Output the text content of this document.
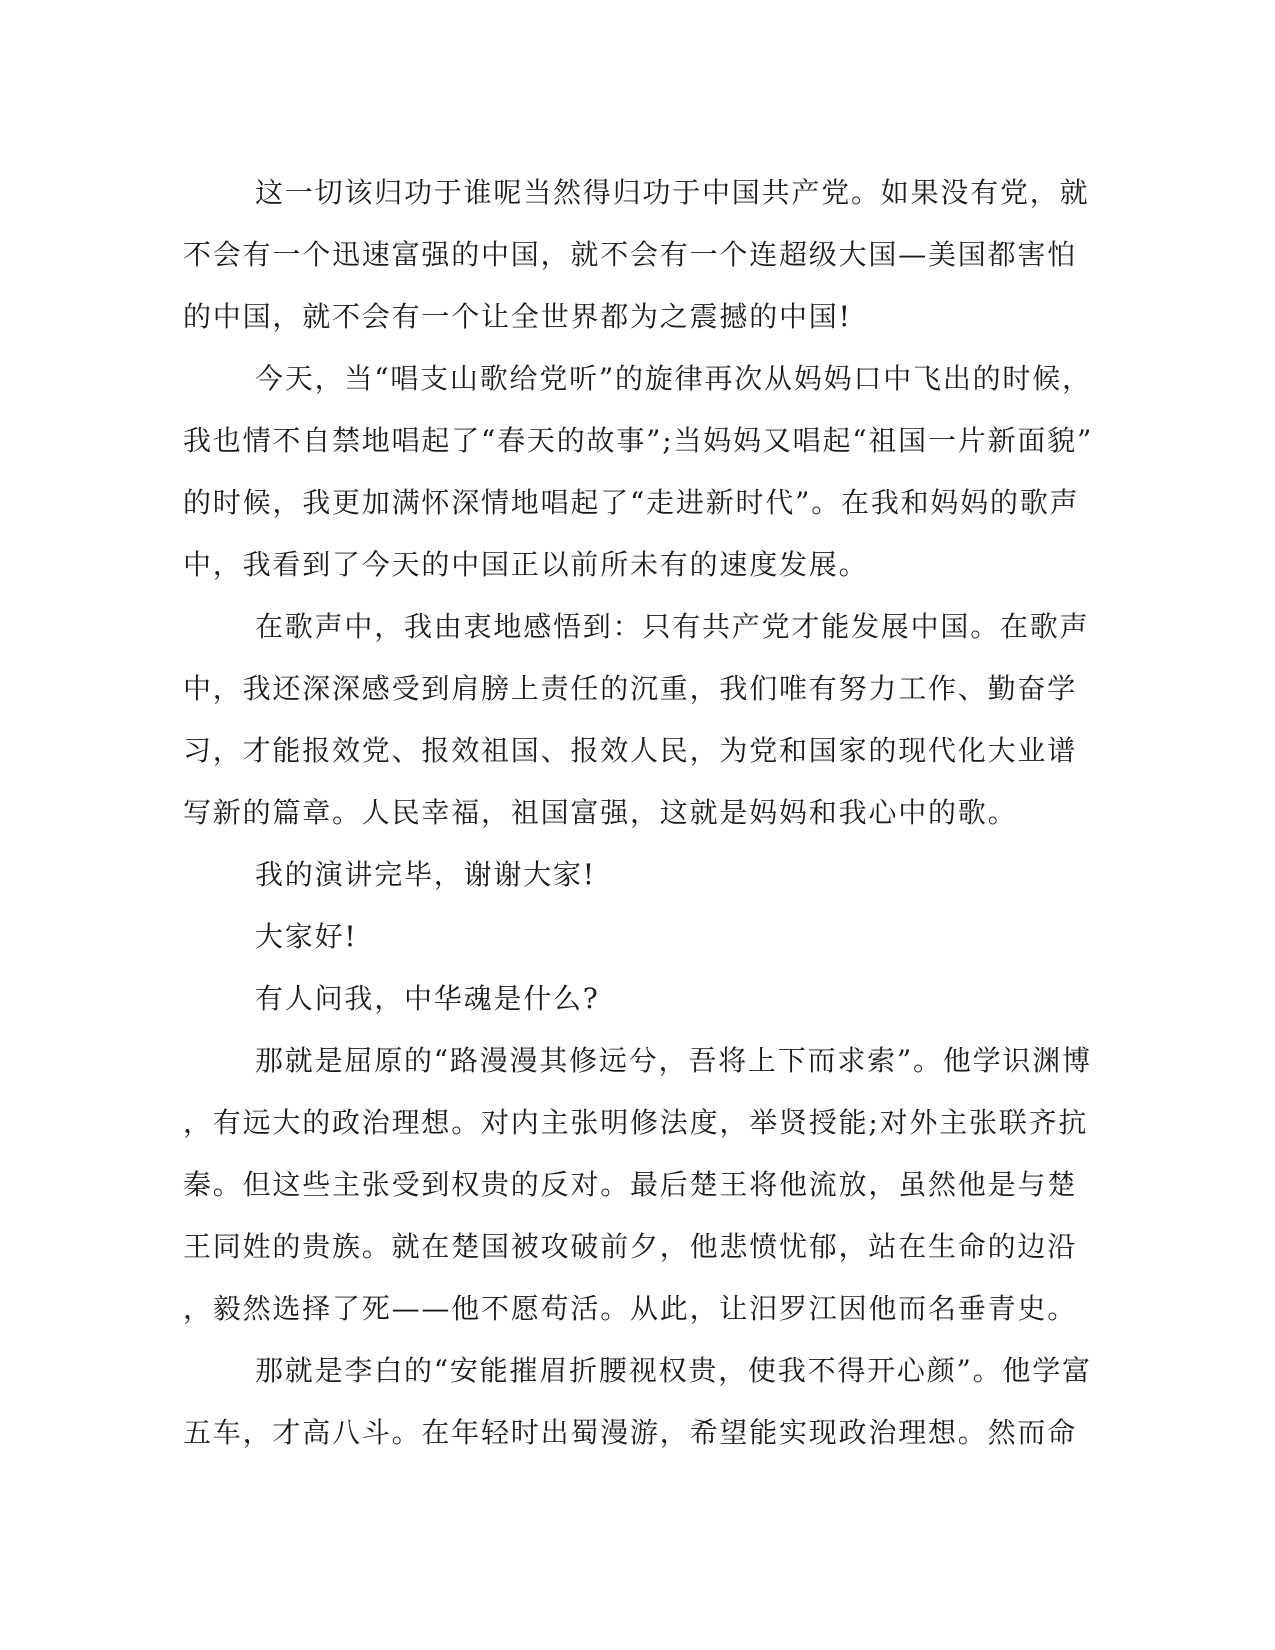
这一切该归功于谁呢当然得归功于中国共产党。如果没有党，就
不会有一个迅速富强的中国，就不会有一个连超级大国—美国都害怕
的中国，就不会有一个让全世界都为之震撼的中国!
今天，当“唱支山歌给党听”的旋律再次从妈妈口中飞出的时候，
我也情不自禁地唱起了“春天的故事”;当妈妈又唱起“祖国一片新面貌”
的时候，我更加满怀深情地唱起了“走进新时代”。在我和妈妈的歌声
中，我看到了今天的中国正以前所未有的速度发展。
在歌声中，我由衷地感悟到：只有共产党才能发展中国。在歌声
中，我还深深感受到肩膀上责任的沉重，我们唯有努力工作、勤奋学
习，才能报效党、报效祖国、报效人民，为党和国家的现代化大业谱
写新的篇章。人民幸福，祖国富强，这就是妈妈和我心中的歌。
我的演讲完毕，谢谢大家!
大家好!
有人问我，中华魂是什么?
那就是屈原的“路漫漫其修远兮，吾将上下而求索”。他学识渊博
，有远大的政治理想。对内主张明修法度，举贤授能;对外主张联齐抗
秦。但这些主张受到权贵的反对。最后楚王将他流放，虽然他是与楚
王同姓的贵族。就在楚国被攻破前夕，他悲愤忧郁，站在生命的边沿
，毅然选择了死——他不愿苟活。从此，让汨罗江因他而名垂青史。
那就是李白的“安能摧眉折腰视权贵，使我不得开心颜”。他学富
五车，才高八斗。在年轻时出蜀漫游，希望能实现政治理想。然而命
